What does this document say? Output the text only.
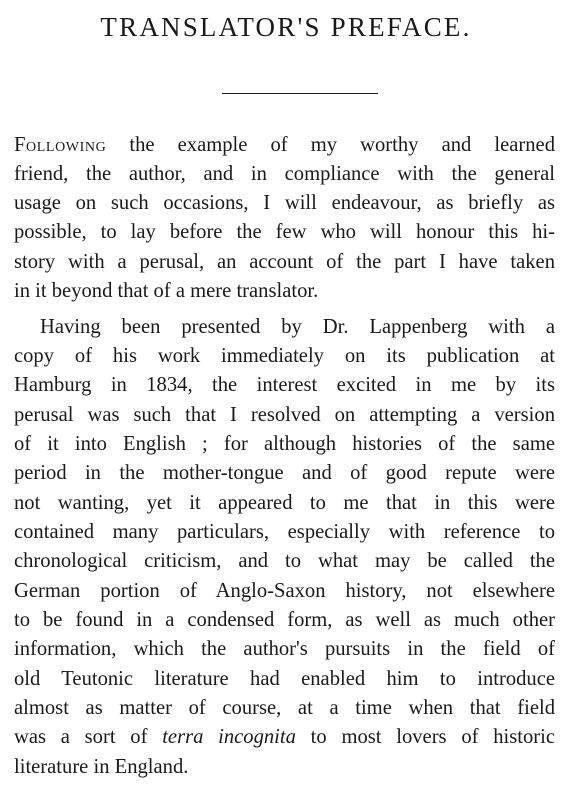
TRANSLATOR'S PREFACE.
Following the example of my worthy and learned
friend, the author, and in compliance with the general
usage on such occasions, I will endeavour, as briefly as
possible, to lay before the few who will honour this hi-
story with a perusal, an account of the part I have taken
in it beyond that of a mere translator.
Having been presented by Dr. Lappenberg with a
copy of his work immediately on its publication at
Hamburg in 1834, the interest excited in me by its
perusal was such that I resolved on attempting a version
of it into English ; for although histories of the same
period in the mother-tongue and of good repute were
not wanting, yet it appeared to me that in this were
contained many particulars, especially with reference to
chronological criticism, and to what may be called the
German portion of Anglo-Saxon history, not elsewhere
to be found in a condensed form, as well as much other
information, which the author's pursuits in the field of
old Teutonic literature had enabled him to introduce
almost as matter of course, at a time when that field
was a sort of terra incognita to most lovers of historic
literature in England.
